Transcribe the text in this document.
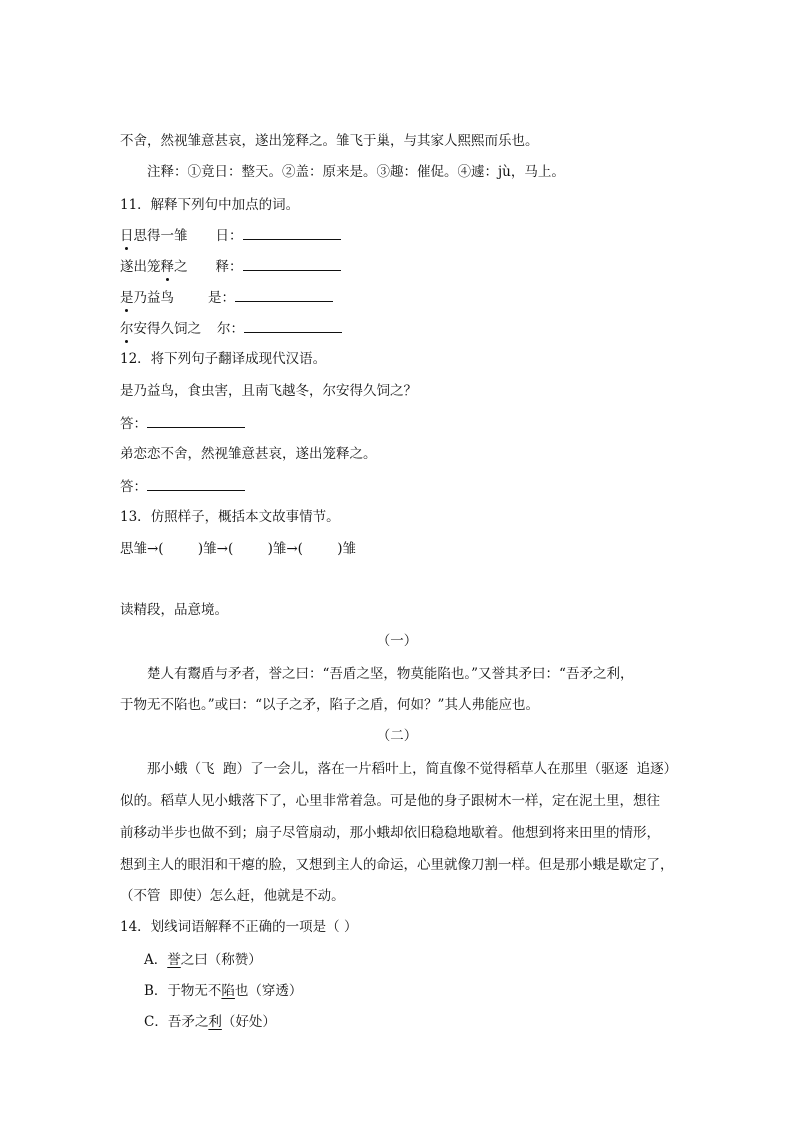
不舍，然视雏意甚哀，遂出笼释之。雏飞于巢，与其家人熙熙而乐也。
注释：①竟日：整天。②盖：原来是。③趣：催促。④遽：jù，马上。
11．解释下列句中加点的词。
日思得一雏 日：
遂出笼释之 释：
是乃益鸟	是：
尔安得久饲之 尔：
12．将下列句子翻译成现代汉语。
是乃益鸟，食虫害，且南飞越冬，尔安得久饲之？
答：
弟恋恋不舍，然视雏意甚哀，遂出笼释之。
答：
13．仿照样子，概括本文故事情节。
思雏→(        )雏→(        )雏→(        )雏
读精段，品意境。
（一）
楚人有鬻盾与矛者，誉之曰：“吾盾之坚，物莫能陷也。”又誉其矛曰：“吾矛之利，
于物无不陷也。”或曰：“以子之矛，陷子之盾，何如？”其人弗能应也。
（二）
那小蛾（飞  跑）了一会儿，落在一片稻叶上，简直像不觉得稻草人在那里（驱逐  追逐）
似的。稻草人见小蛾落下了，心里非常着急。可是他的身子跟树木一样，定在泥土里，想往
前移动半步也做不到；扇子尽管扇动，那小蛾却依旧稳稳地歇着。他想到将来田里的情形，
想到主人的眼泪和干瘪的脸，又想到主人的命运，心里就像刀割一样。但是那小蛾是歇定了，
（不管  即使）怎么赶，他就是不动。
14．划线词语解释不正确的一项是（ ）
A．誉之曰（称赞）
B．于物无不陷也（穿透）
C．吾矛之利（好处）
